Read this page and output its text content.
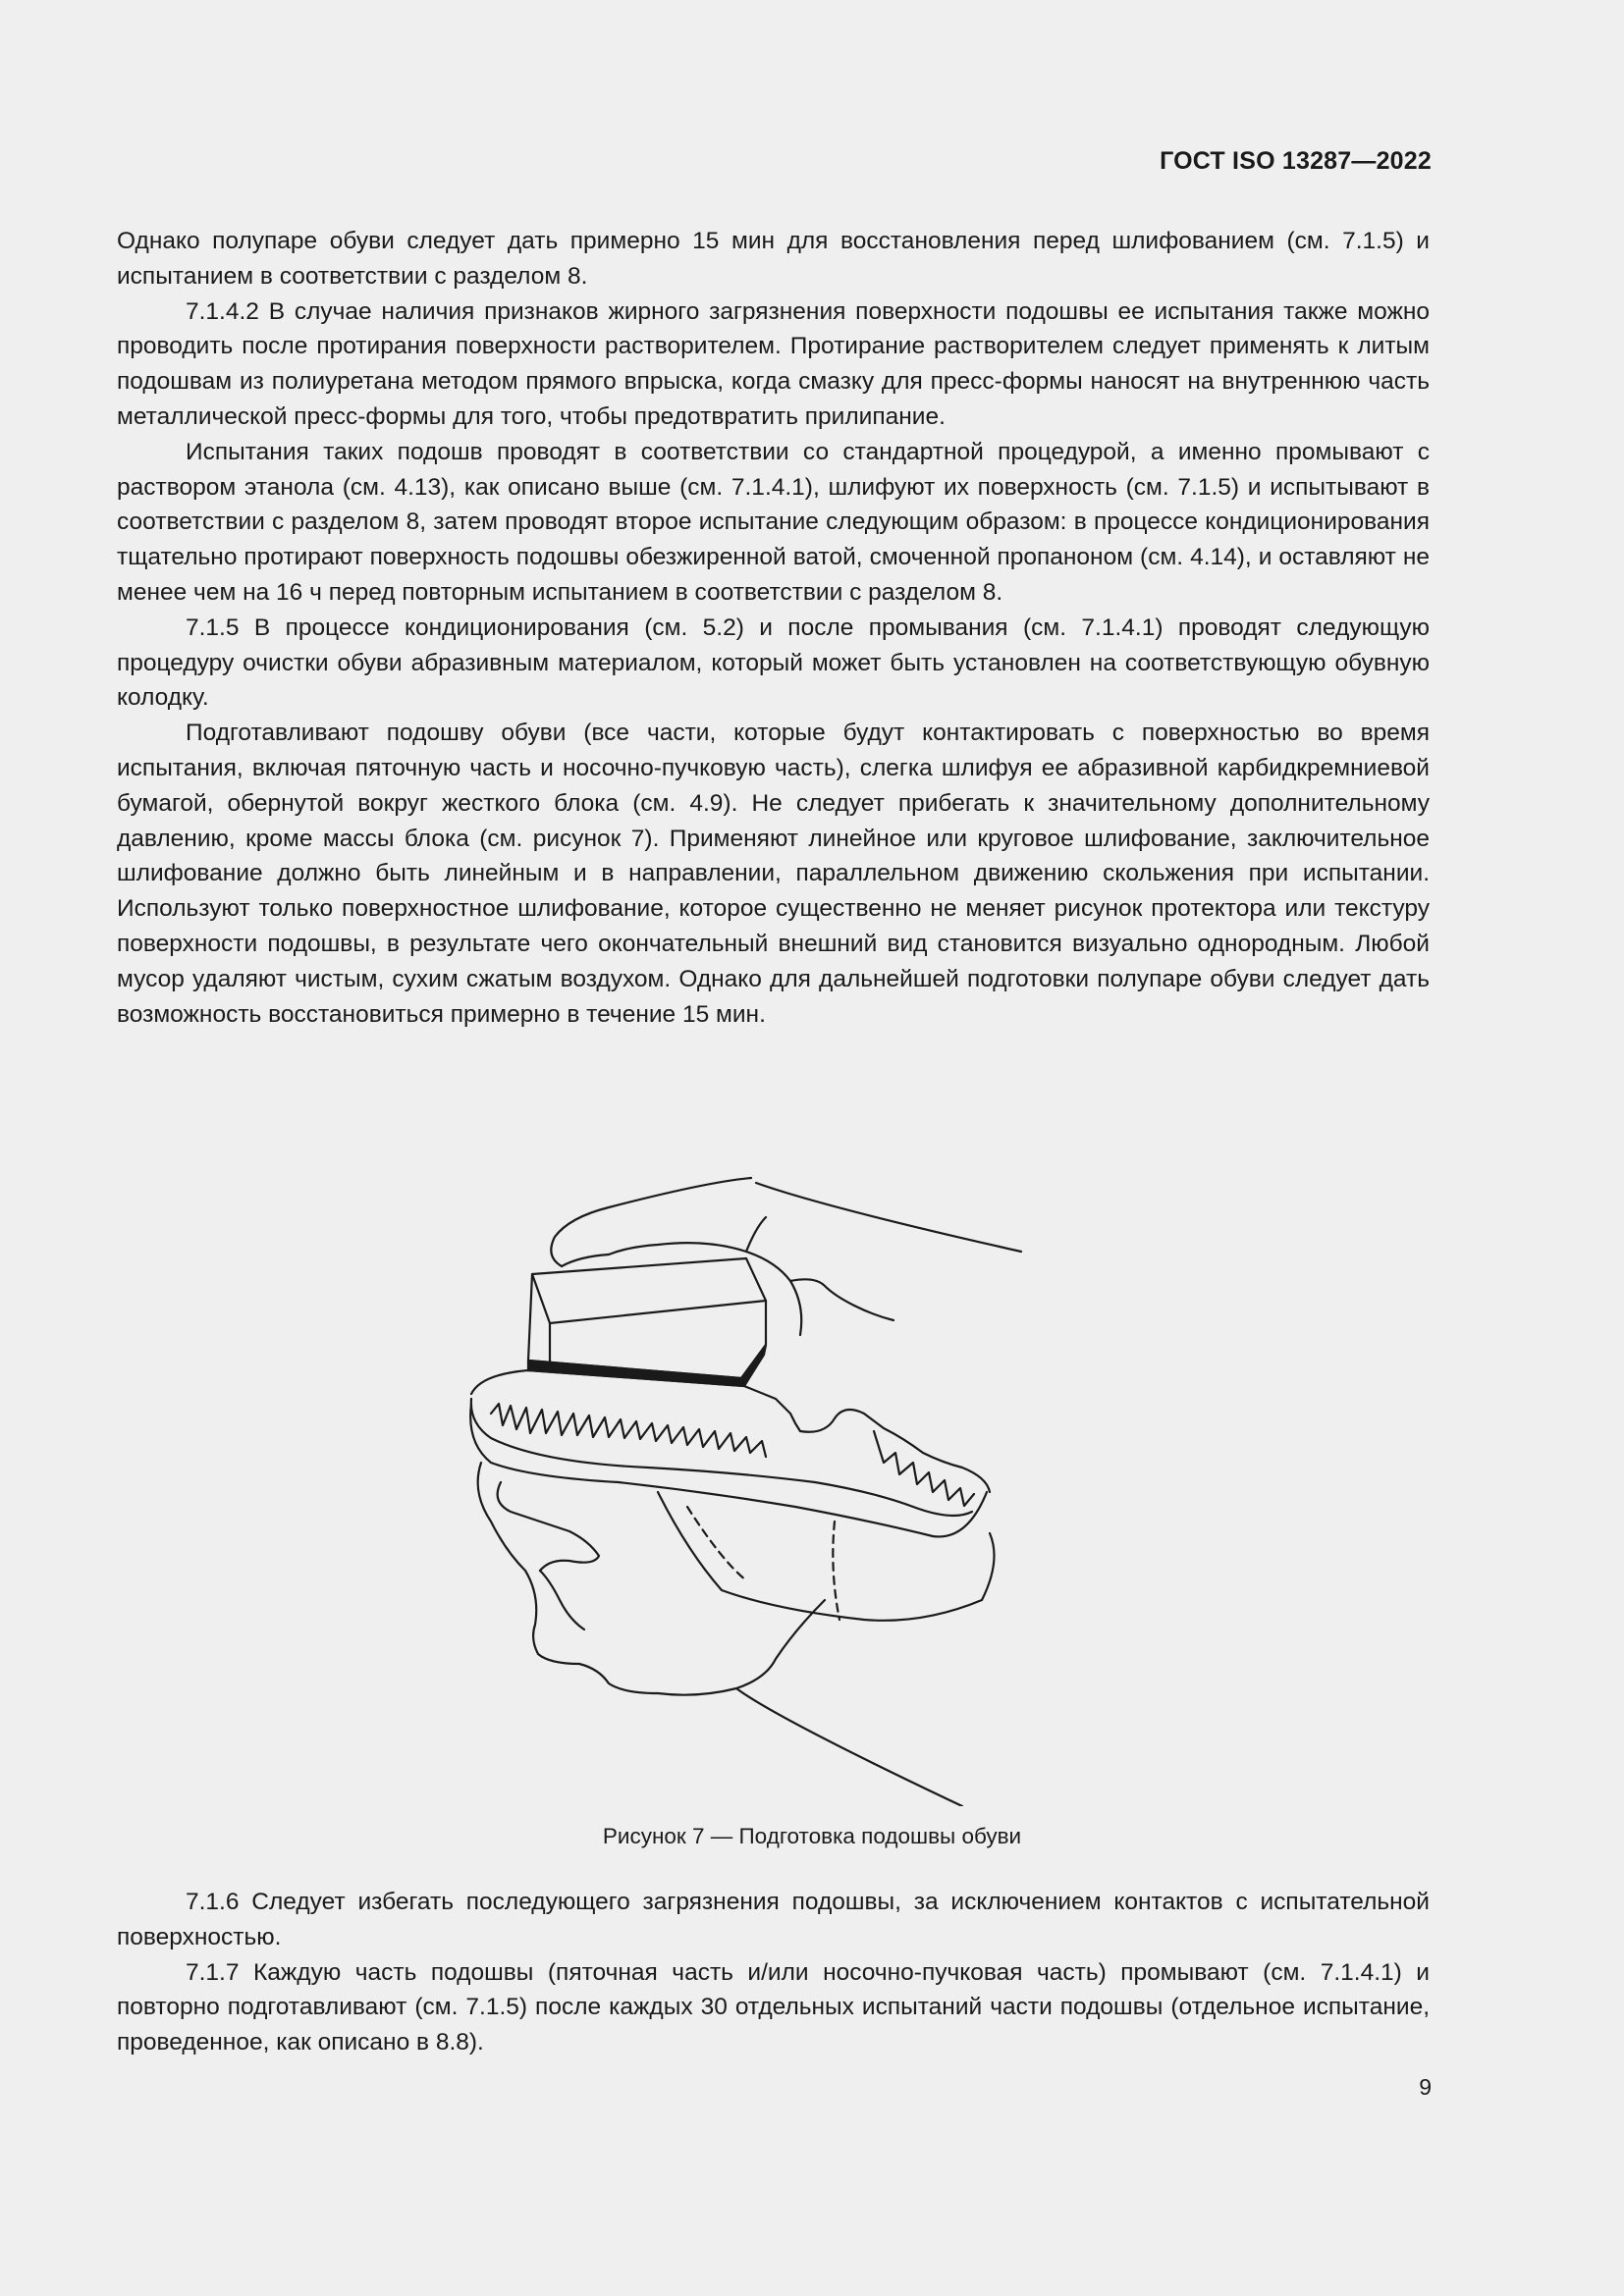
ГОСТ ISO 13287—2022

Однако полупаре обуви следует дать примерно 15 мин для восстановления перед шлифованием (см. 7.1.5) и испытанием в соответствии с разделом 8.

7.1.4.2 В случае наличия признаков жирного загрязнения поверхности подошвы ее испытания также можно проводить после протирания поверхности растворителем. Протирание растворителем следует применять к литым подошвам из полиуретана методом прямого впрыска, когда смазку для пресс-формы наносят на внутреннюю часть металлической пресс-формы для того, чтобы предотвратить прилипание.

Испытания таких подошв проводят в соответствии со стандартной процедурой, а именно промывают с раствором этанола (см. 4.13), как описано выше (см. 7.1.4.1), шлифуют их поверхность (см. 7.1.5) и испытывают в соответствии с разделом 8, затем проводят второе испытание следующим образом: в процессе кондиционирования тщательно протирают поверхность подошвы обезжиренной ватой, смоченной пропаноном (см. 4.14), и оставляют не менее чем на 16 ч перед повторным испытанием в соответствии с разделом 8.

7.1.5 В процессе кондиционирования (см. 5.2) и после промывания (см. 7.1.4.1) проводят следующую процедуру очистки обуви абразивным материалом, который может быть установлен на соответствующую обувную колодку.

Подготавливают подошву обуви (все части, которые будут контактировать с поверхностью во время испытания, включая пяточную часть и носочно-пучковую часть), слегка шлифуя ее абразивной карбидкремниевой бумагой, обернутой вокруг жесткого блока (см. 4.9). Не следует прибегать к значительному дополнительному давлению, кроме массы блока (см. рисунок 7). Применяют линейное или круговое шлифование, заключительное шлифование должно быть линейным и в направлении, параллельном движению скольжения при испытании. Используют только поверхностное шлифование, которое существенно не меняет рисунок протектора или текстуру поверхности подошвы, в результате чего окончательный внешний вид становится визуально однородным. Любой мусор удаляют чистым, сухим сжатым воздухом. Однако для дальнейшей подготовки полупаре обуви следует дать возможность восстановиться примерно в течение 15 мин.

Рисунок 7 — Подготовка подошвы обуви

7.1.6 Следует избегать последующего загрязнения подошвы, за исключением контактов с испытательной поверхностью.

7.1.7 Каждую часть подошвы (пяточная часть и/или носочно-пучковая часть) промывают (см. 7.1.4.1) и повторно подготавливают (см. 7.1.5) после каждых 30 отдельных испытаний части подошвы (отдельное испытание, проведенное, как описано в 8.8).

9
